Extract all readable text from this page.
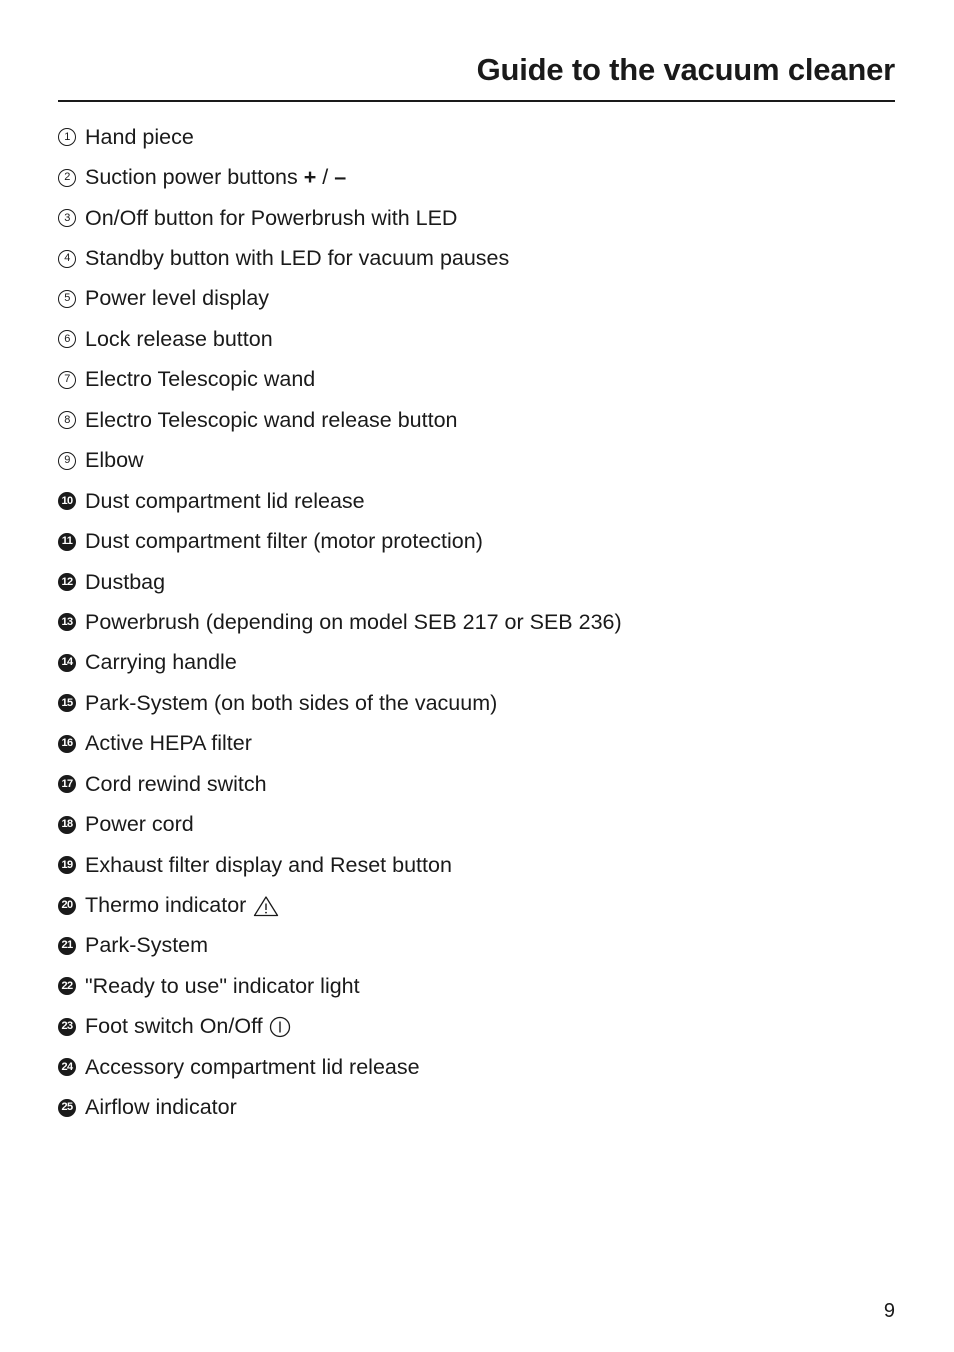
Guide to the vacuum cleaner
1 Hand piece
2 Suction power buttons
+ / –
3 On/Off button for Powerbrush with LED
4 Standby button with LED for vacuum pauses
5 Power level display
6 Lock release button
7 Electro Telescopic wand
8 Electro Telescopic wand release button
9 Elbow
10 Dust compartment lid release
11 Dust compartment filter (motor protection)
12 Dustbag
13 Powerbrush (depending on model SEB 217 or SEB 236)
14 Carrying handle
15 Park-System (on both sides of the vacuum)
16 Active HEPA filter
17 Cord rewind switch
18 Power cord
19 Exhaust filter display and Reset button
20 Thermo indicator
21 Park-System
22 "Ready to use" indicator light
23 Foot switch On/Off
24 Accessory compartment lid release
25 Airflow indicator
9
